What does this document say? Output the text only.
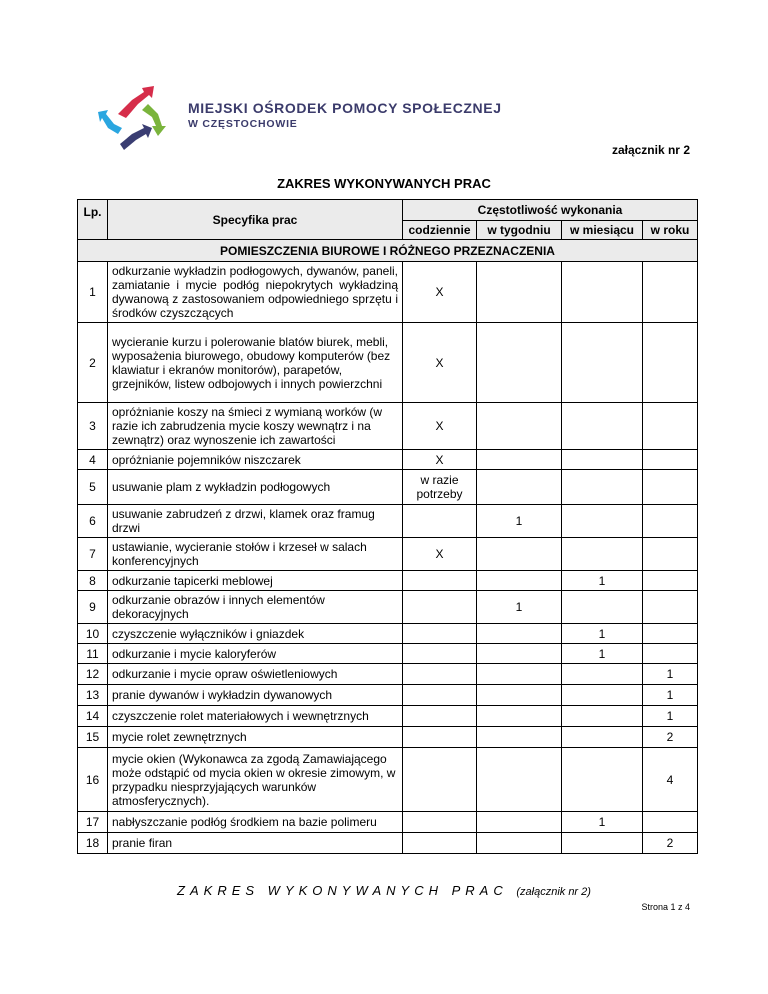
MIEJSKI OŚRODEK POMOCY SPOŁECZNEJ
W CZĘSTOCHOWIE
załącznik nr 2
ZAKRES WYKONYWANYCH PRAC
Lp.	Specyfika prac	Częstotliwość wykonania			
		codziennie	w tygodniu	w miesiącu	w roku
POMIESZCZENIA BIUROWE I RÓŻNEGO PRZEZNACZENIA					
1	odkurzanie wykładzin podłogowych, dywanów, paneli, zamiatanie i mycie podłóg niepokrytych wykładziną dywanową z zastosowaniem odpowiedniego sprzętu i środków czyszczących	X			
2	wycieranie kurzu i polerowanie blatów biurek, mebli, wyposażenia biurowego, obudowy komputerów (bez klawiatur i ekranów monitorów), parapetów, grzejników, listew odbojowych i innych powierzchni	X			
3	opróżnianie koszy na śmieci z wymianą worków (w razie ich zabrudzenia mycie koszy wewnątrz i na zewnątrz) oraz wynoszenie ich zawartości	X			
4	opróżnianie pojemników niszczarek	X			
5	usuwanie plam z wykładzin podłogowych	w razie potrzeby			
6	usuwanie zabrudzeń z drzwi, klamek oraz framug drzwi		1		
7	ustawianie, wycieranie stołów i krzeseł w salach konferencyjnych	X			
8	odkurzanie tapicerki meblowej			1	
9	odkurzanie obrazów i innych elementów dekoracyjnych		1		
10	czyszczenie wyłączników i gniazdek			1	
11	odkurzanie i mycie kaloryferów			1	
12	odkurzanie i mycie opraw oświetleniowych				1
13	pranie dywanów i wykładzin dywanowych				1
14	czyszczenie rolet materiałowych i wewnętrznych				1
15	mycie rolet zewnętrznych				2
16	mycie okien (Wykonawca za zgodą Zamawiającego może odstąpić od mycia okien w okresie zimowym, w przypadku niesprzyjających warunków atmosferycznych).				4
17	nabłyszczanie podłóg środkiem na bazie polimeru			1	
18	pranie firan				2
ZAKRES WYKONYWANYCH PRAC (załącznik nr 2)
Strona 1 z 4
